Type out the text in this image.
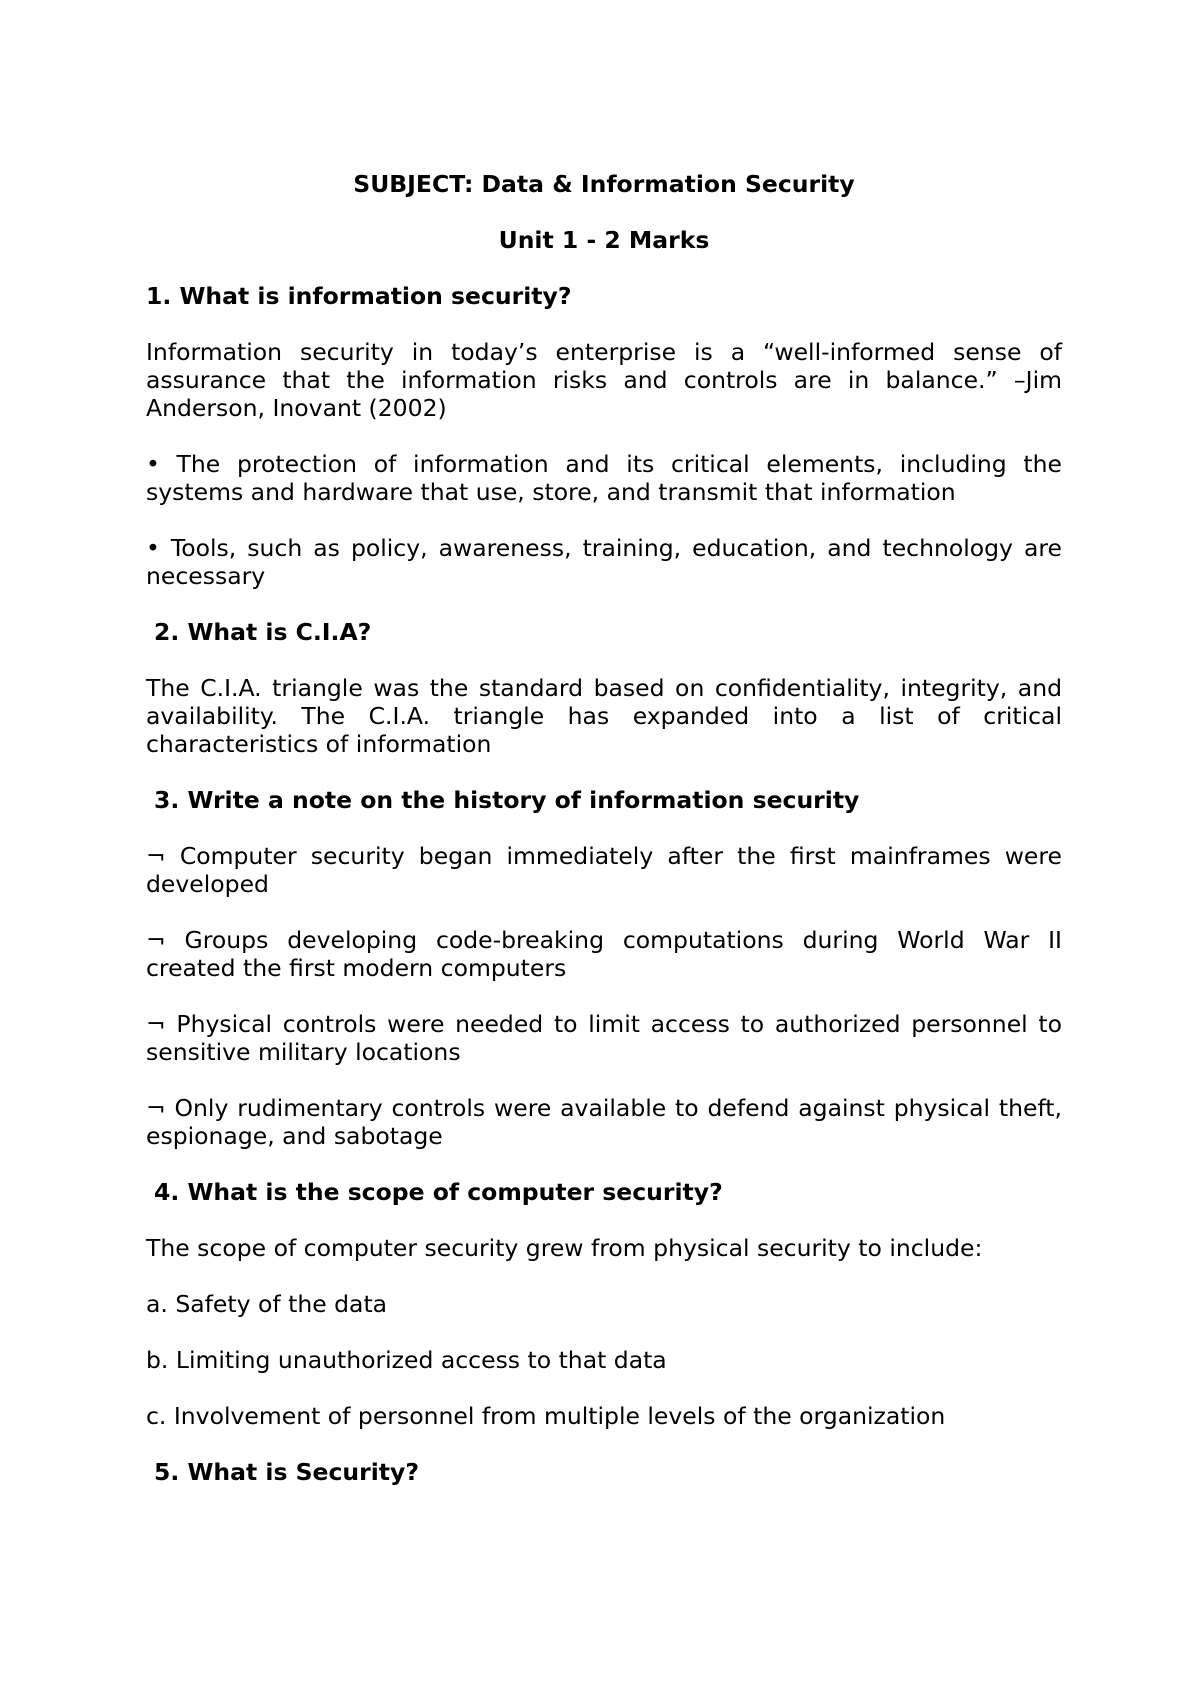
SUBJECT: Data & Information Security

Unit 1 - 2 Marks

1. What is information security?

Information security in today’s enterprise is a “well-informed sense of assurance that the information risks and controls are in balance.” –Jim Anderson, Inovant (2002)

• The protection of information and its critical elements, including the systems and hardware that use, store, and transmit that information

• Tools, such as policy, awareness, training, education, and technology are necessary

2. What is C.I.A?

The C.I.A. triangle was the standard based on confidentiality, integrity, and availability. The C.I.A. triangle has expanded into a list of critical characteristics of information

3. Write a note on the history of information security

¬ Computer security began immediately after the first mainframes were developed

¬ Groups developing code-breaking computations during World War II created the first modern computers

¬ Physical controls were needed to limit access to authorized personnel to sensitive military locations

¬ Only rudimentary controls were available to defend against physical theft, espionage, and sabotage

4. What is the scope of computer security?

The scope of computer security grew from physical security to include:

a. Safety of the data

b. Limiting unauthorized access to that data

c. Involvement of personnel from multiple levels of the organization

5. What is Security?
